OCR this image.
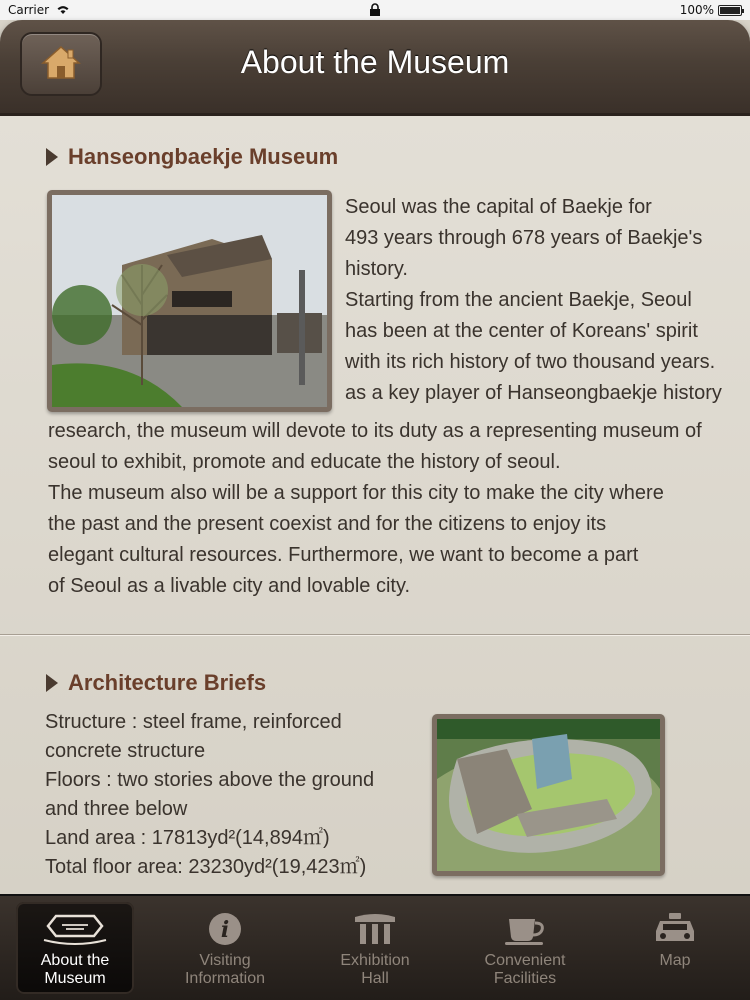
Carrier	100%
About the Museum
Hanseongbaekje Museum
Seoul was the capital of Baekje for
493 years through 678 years of Baekje's
history.
Starting from the ancient Baekje, Seoul
has been at the center of Koreans' spirit
with its rich history of two thousand years.
as a key player of Hanseongbaekje history
research, the museum will devote to its duty as a representing museum of
seoul to exhibit, promote and educate the history of seoul.
The museum also will be a support for this city to make the city where
the past and the present coexist and for the citizens to enjoy its
elegant cultural resources. Furthermore, we want to become a part
of Seoul as a livable city and lovable city.
Architecture Briefs
Structure : steel frame, reinforced
concrete structure
Floors : two stories above the ground
and three below
Land area : 17813yd²(14,894㎡)
Total floor area: 23230yd²(19,423㎡)
About the
Museum
i
Visiting
Information
Exhibition
Hall
Convenient
Facilities
Map
